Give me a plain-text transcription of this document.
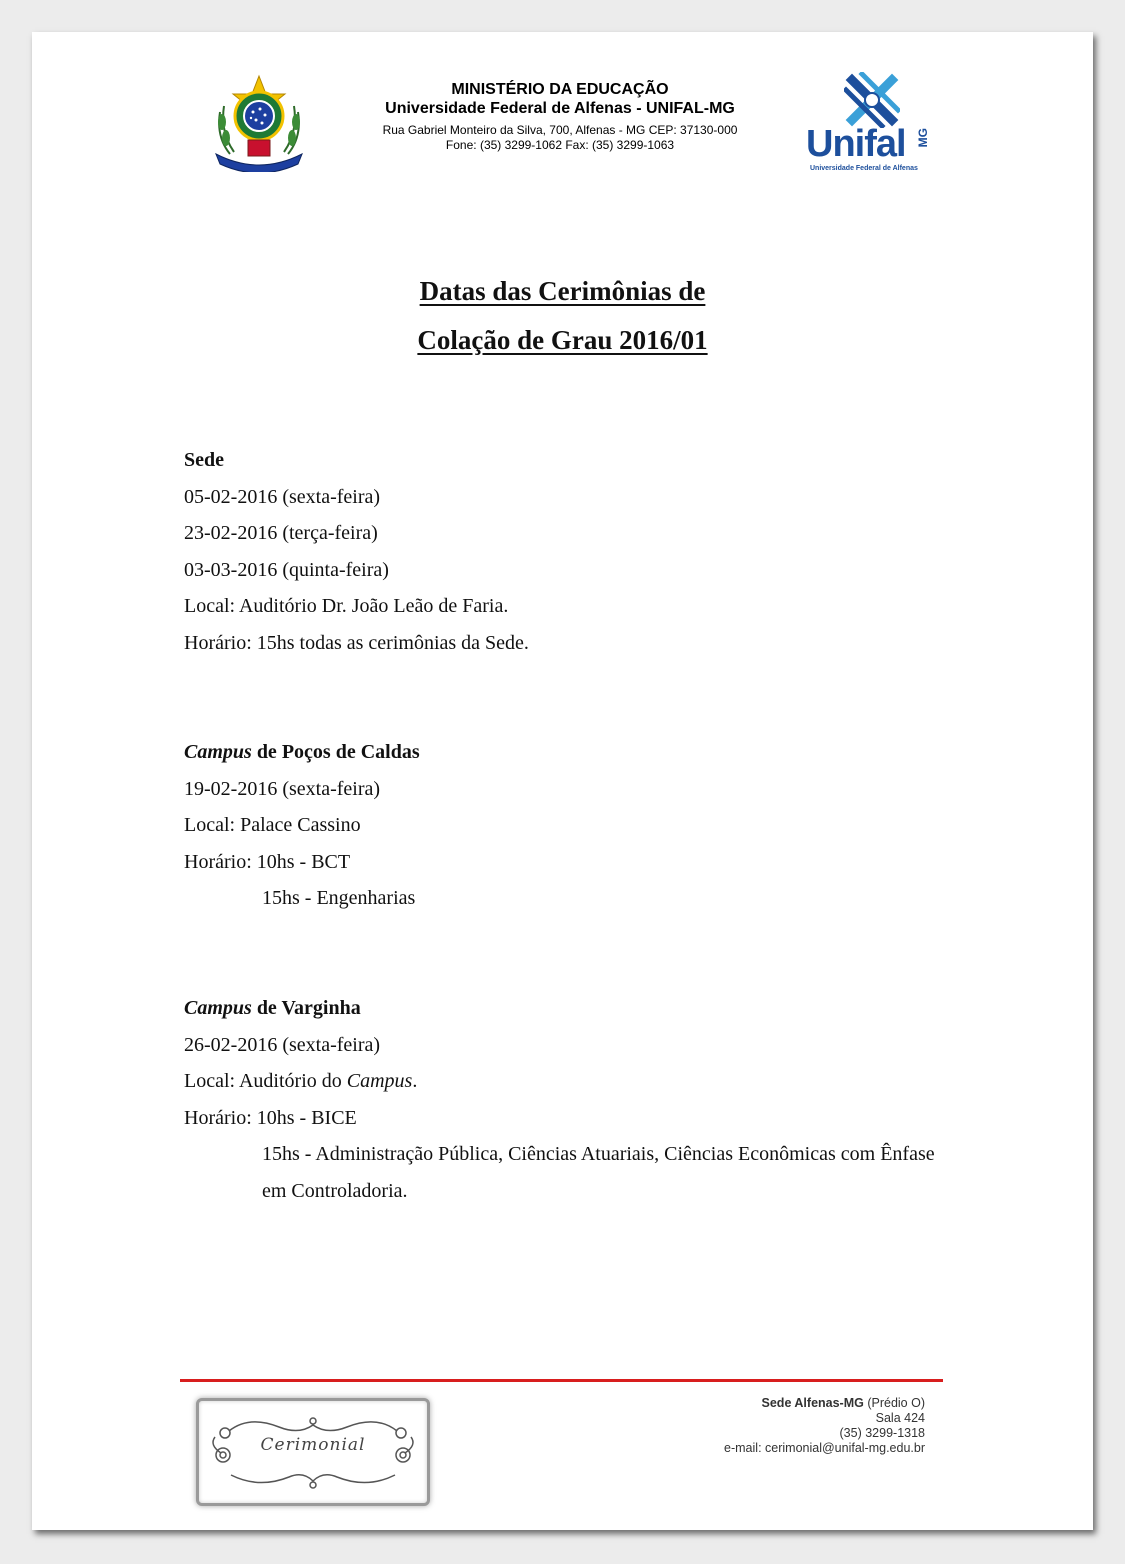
MINISTÉRIO DA EDUCAÇÃO
Universidade Federal de Alfenas - UNIFAL-MG
Rua Gabriel Monteiro da Silva, 700, Alfenas - MG CEP: 37130-000
Fone: (35) 3299-1062 Fax: (35) 3299-1063	Unifal MG
Universidade Federal de Alfenas
Datas das Cerimônias de
Colação de Grau 2016/01
Sede
05-02-2016 (sexta-feira)
23-02-2016 (terça-feira)
03-03-2016 (quinta-feira)
Local: Auditório Dr. João Leão de Faria.
Horário: 15hs todas as cerimônias da Sede.
Campus de Poços de Caldas
19-02-2016 (sexta-feira)
Local: Palace Cassino
Horário: 10hs - BCT
15hs - Engenharias
Campus de Varginha
26-02-2016 (sexta-feira)
Local: Auditório do Campus.
Horário: 10hs - BICE
15hs - Administração Pública, Ciências Atuariais, Ciências Econômicas com Ênfase em Controladoria.
Cerimonial
Sede Alfenas-MG (Prédio O)
Sala 424
(35) 3299-1318
e-mail: cerimonial@unifal-mg.edu.br
